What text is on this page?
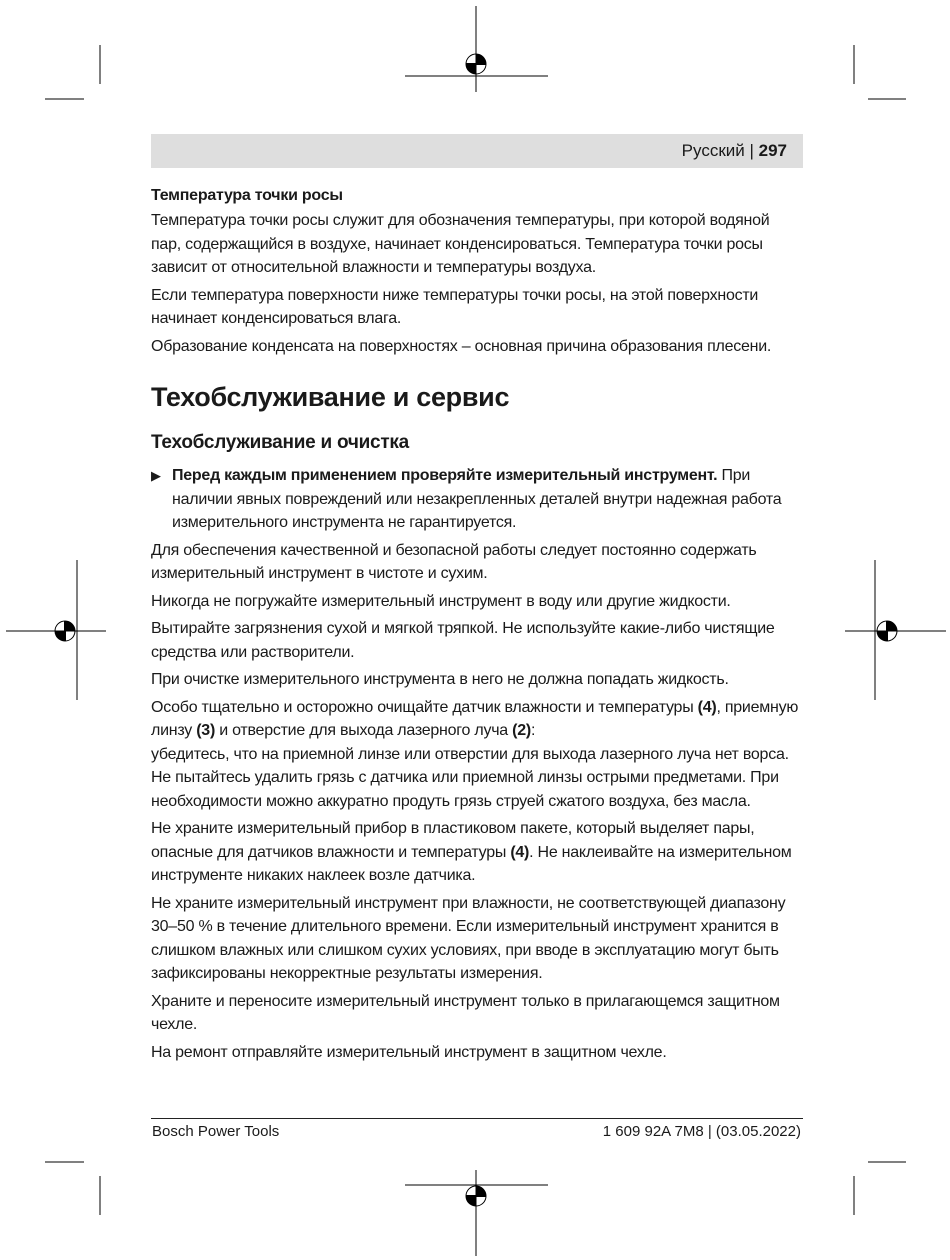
Русский | 297
Температура точки росы

Температура точки росы служит для обозначения температуры, при которой водяной пар, содержащийся в воздухе, начинает конденсироваться. Температура точки росы зависит от относительной влажности и температуры воздуха.

Если температура поверхности ниже температуры точки росы, на этой поверхности начинает конденсироваться влага.

Образование конденсата на поверхностях – основная причина образования плесени.

Техобслуживание и сервис
Техобслуживание и очистка

▶ Перед каждым применением проверяйте измерительный инструмент. При наличии явных повреждений или незакрепленных деталей внутри надежная работа измерительного инструмента не гарантируется.

Для обеспечения качественной и безопасной работы следует постоянно содержать измерительный инструмент в чистоте и сухим.

Никогда не погружайте измерительный инструмент в воду или другие жидкости.

Вытирайте загрязнения сухой и мягкой тряпкой. Не используйте какие-либо чистящие средства или растворители.

При очистке измерительного инструмента в него не должна попадать жидкость.

Особо тщательно и осторожно очищайте датчик влажности и температуры (4), приемную линзу (3) и отверстие для выхода лазерного луча (2):

убедитесь, что на приемной линзе или отверстии для выхода лазерного луча нет ворса. Не пытайтесь удалить грязь с датчика или приемной линзы острыми предметами. При необходимости можно аккуратно продуть грязь струей сжатого воздуха, без масла.

Не храните измерительный прибор в пластиковом пакете, который выделяет пары, опасные для датчиков влажности и температуры (4). Не наклеивайте на измерительном инструменте никаких наклеек возле датчика.

Не храните измерительный инструмент при влажности, не соответствующей диапазону 30–50 % в течение длительного времени. Если измерительный инструмент хранится в слишком влажных или слишком сухих условиях, при вводе в эксплуатацию могут быть зафиксированы некорректные результаты измерения.

Храните и переносите измерительный инструмент только в прилагающемся защитном чехле.

На ремонт отправляйте измерительный инструмент в защитном чехле.

Bosch Power Tools	1 609 92A 7M8 | (03.05.2022)
